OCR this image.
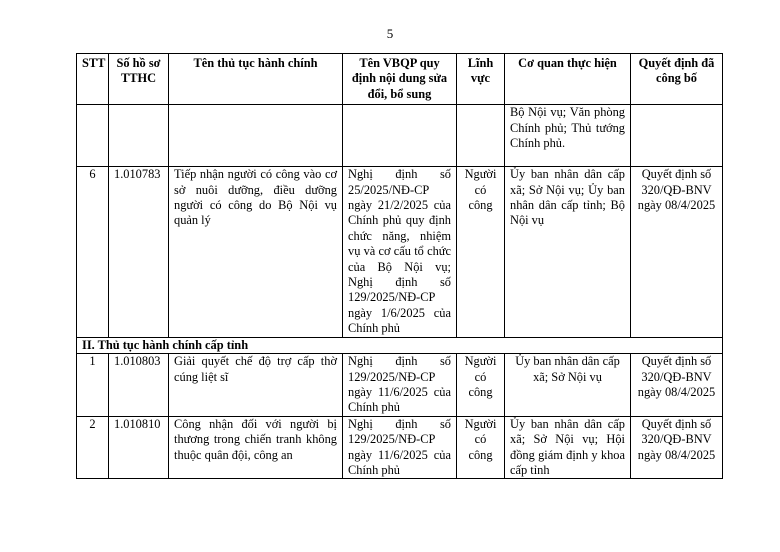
5
STT	Số hồ sơ TTHC	Tên thủ tục hành chính	Tên VBQP quy định nội dung sửa đổi, bổ sung	Lĩnh vực	Cơ quan thực hiện	Quyết định đã công bố
					Bộ Nội vụ; Văn phòng Chính phủ; Thủ tướng Chính phủ.	
6	1.010783	Tiếp nhận người có công vào cơ sở nuôi dưỡng, điều dưỡng người có công do Bộ Nội vụ quản lý	Nghị định số 25/2025/NĐ-CP ngày 21/2/2025 của Chính phủ quy định chức năng, nhiệm vụ và cơ cấu tổ chức của Bộ Nội vụ; Nghị định số 129/2025/NĐ-CP ngày 1/6/2025 của Chính phủ	Người có công	Ủy ban nhân dân cấp xã; Sở Nội vụ; Ủy ban nhân dân cấp tỉnh; Bộ Nội vụ	Quyết định số 320/QĐ-BNV ngày 08/4/2025
II. Thủ tục hành chính cấp tỉnh						
1	1.010803	Giải quyết chế độ trợ cấp thờ cúng liệt sĩ	Nghị định số 129/2025/NĐ-CP ngày 11/6/2025 của Chính phủ	Người có công	Ủy ban nhân dân cấp xã; Sở Nội vụ	Quyết định số 320/QĐ-BNV ngày 08/4/2025
2	1.010810	Công nhận đối với người bị thương trong chiến tranh không thuộc quân đội, công an	Nghị định số 129/2025/NĐ-CP ngày 11/6/2025 của Chính phủ	Người có công	Ủy ban nhân dân cấp xã; Sở Nội vụ; Hội đồng giám định y khoa cấp tỉnh	Quyết định số 320/QĐ-BNV ngày 08/4/2025
